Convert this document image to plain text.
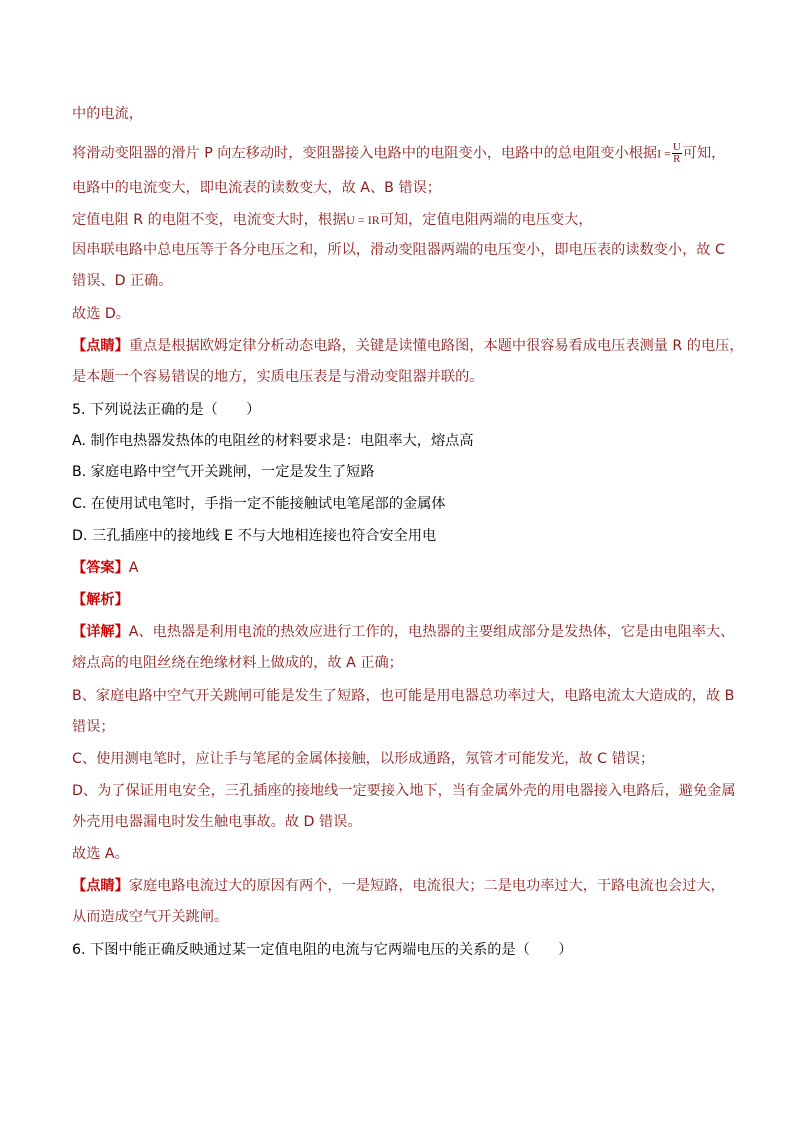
中的电流，
将滑动变阻器的滑片 P 向左移动时，变阻器接入电路中的电阻变小，电路中的总电阻变小根据$I = \frac{U}{R}$ 可知，
电路中的电流变大，即电流表的读数变大，故 A、B 错误；
定值电阻 R 的电阻不变，电流变大时，根据U = IR可知，定值电阻两端的电压变大，
因串联电路中总电压等于各分电压之和，所以，滑动变阻器两端的电压变小，即电压表的读数变小，故 C
错误、D 正确。
故选 D。
【点睛】重点是根据欧姆定律分析动态电路，关键是读懂电路图，本题中很容易看成电压表测量 R 的电压，
是本题一个容易错误的地方，实质电压表是与滑动变阻器并联的。
5. 下列说法正确的是（　　）
A. 制作电热器发热体的电阻丝的材料要求是：电阻率大，熔点高
B. 家庭电路中空气开关跳闸，一定是发生了短路
C. 在使用试电笔时，手指一定不能接触试电笔尾部的金属体
D. 三孔插座中的接地线 E 不与大地相连接也符合安全用电
【答案】A
【解析】
【详解】A、电热器是利用电流的热效应进行工作的，电热器的主要组成部分是发热体，它是由电阻率大、
熔点高的电阻丝绕在绝缘材料上做成的，故 A 正确；
B、家庭电路中空气开关跳闸可能是发生了短路，也可能是用电器总功率过大，电路电流太大造成的，故 B
错误；
C、使用测电笔时，应让手与笔尾的金属体接触，以形成通路，氖管才可能发光，故 C 错误；
D、为了保证用电安全，三孔插座的接地线一定要接入地下，当有金属外壳的用电器接入电路后，避免金属
外壳用电器漏电时发生触电事故。故 D 错误。
故选 A。
【点睛】家庭电路电流过大的原因有两个，一是短路，电流很大；二是电功率过大，干路电流也会过大，
从而造成空气开关跳闸。
6. 下图中能正确反映通过某一定值电阻的电流与它两端电压的关系的是（　　）
